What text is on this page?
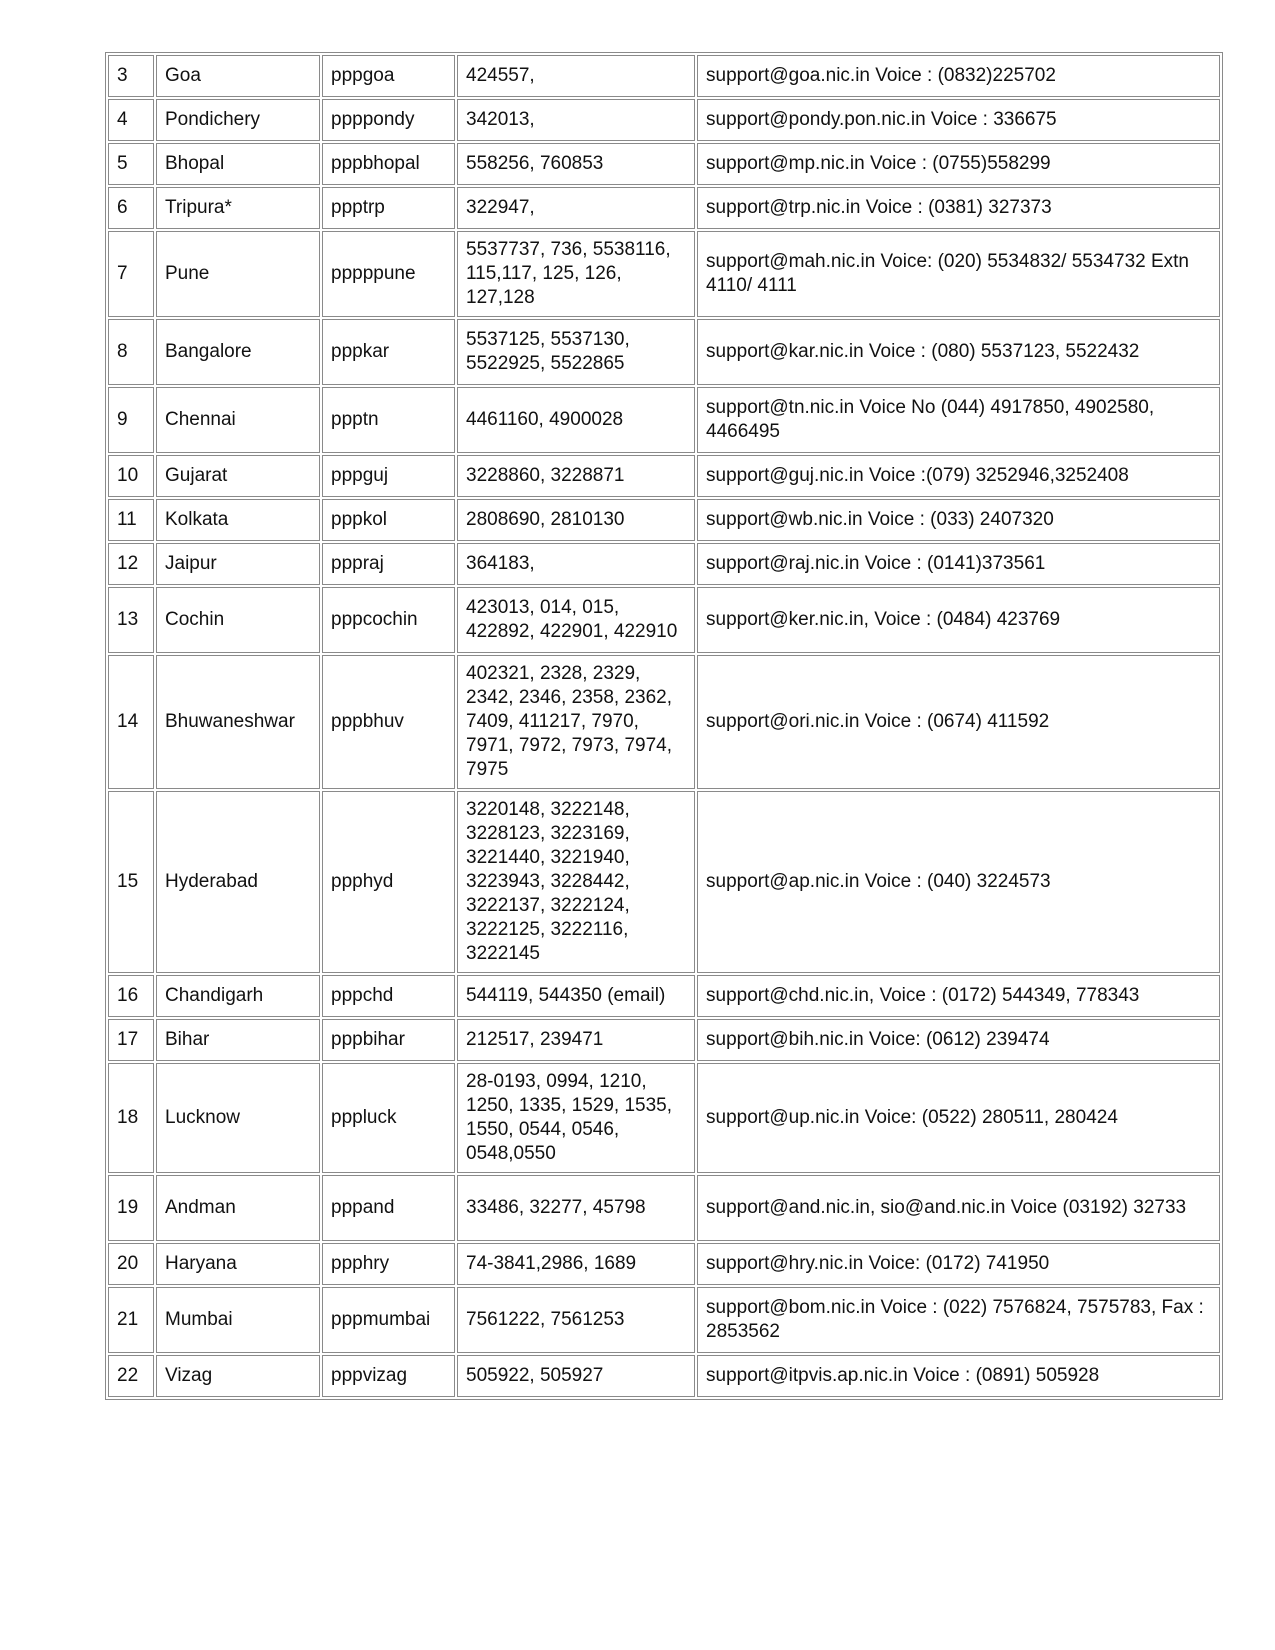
3	Goa	pppgoa	424557,	support@goa.nic.in Voice : (0832)225702
4	Pondichery	ppppondy	342013,	support@pondy.pon.nic.in Voice : 336675
5	Bhopal	pppbhopal	558256, 760853	support@mp.nic.in Voice : (0755)558299
6	Tripura*	ppptrp	322947,	support@trp.nic.in Voice : (0381) 327373
7	Pune	pppppune	5537737, 736, 5538116, 115,117, 125, 126, 127,128	support@mah.nic.in Voice: (020) 5534832/ 5534732 Extn 4110/ 4111
8	Bangalore	pppkar	5537125, 5537130, 5522925, 5522865	support@kar.nic.in Voice : (080) 5537123, 5522432
9	Chennai	ppptn	4461160, 4900028	support@tn.nic.in Voice No (044) 4917850, 4902580, 4466495
10	Gujarat	pppguj	3228860, 3228871	support@guj.nic.in Voice :(079) 3252946,3252408
11	Kolkata	pppkol	2808690, 2810130	support@wb.nic.in Voice : (033) 2407320
12	Jaipur	pppraj	364183,	support@raj.nic.in Voice : (0141)373561
13	Cochin	pppcochin	423013, 014, 015, 422892, 422901, 422910	support@ker.nic.in, Voice : (0484) 423769
14	Bhuwaneshwar	pppbhuv	402321, 2328, 2329, 2342, 2346, 2358, 2362, 7409, 411217, 7970, 7971, 7972, 7973, 7974, 7975	support@ori.nic.in Voice : (0674) 411592
15	Hyderabad	ppphyd	3220148, 3222148, 3228123, 3223169, 3221440, 3221940, 3223943, 3228442, 3222137, 3222124, 3222125, 3222116, 3222145	support@ap.nic.in Voice : (040) 3224573
16	Chandigarh	pppchd	544119, 544350 (email)	support@chd.nic.in, Voice : (0172) 544349, 778343
17	Bihar	pppbihar	212517, 239471	support@bih.nic.in Voice: (0612) 239474
18	Lucknow	pppluck	28-0193, 0994, 1210, 1250, 1335, 1529, 1535, 1550, 0544, 0546, 0548,0550	support@up.nic.in Voice: (0522) 280511, 280424
19	Andman	pppand	33486, 32277, 45798	support@and.nic.in, sio@and.nic.in Voice (03192) 32733
20	Haryana	ppphry	74-3841,2986, 1689	support@hry.nic.in Voice: (0172) 741950
21	Mumbai	pppmumbai	7561222, 7561253	support@bom.nic.in Voice : (022) 7576824, 7575783, Fax : 2853562
22	Vizag	pppvizag	505922, 505927	support@itpvis.ap.nic.in Voice : (0891) 505928
